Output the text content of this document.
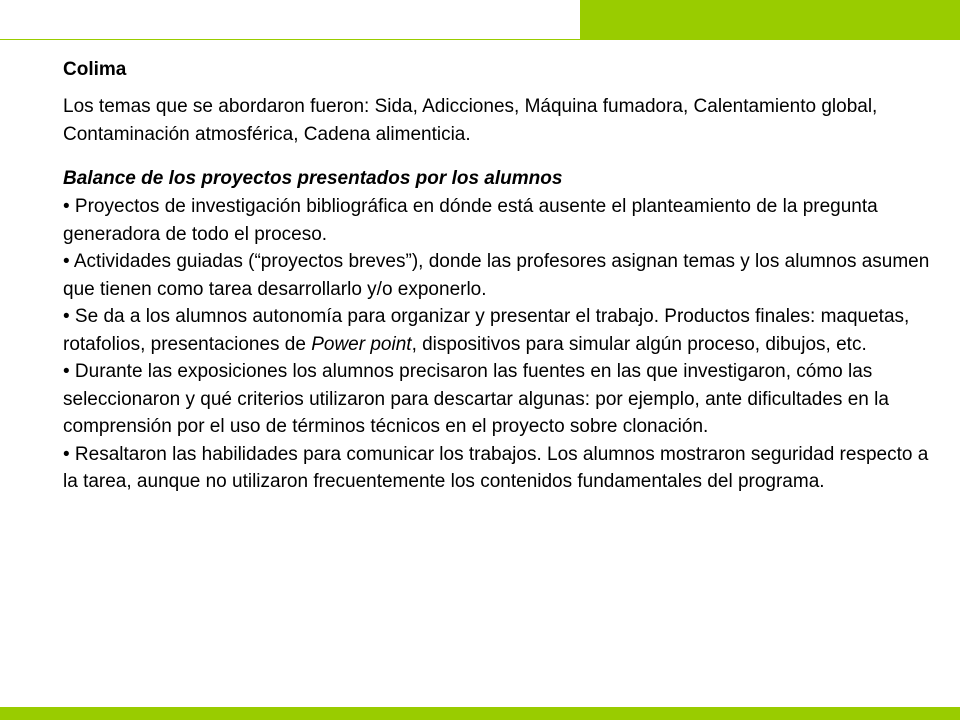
Colima

Los temas que se abordaron fueron: Sida, Adicciones, Máquina fumadora, Calentamiento global, Contaminación atmosférica, Cadena alimenticia.

Balance de los proyectos presentados por los alumnos

• Proyectos de investigación bibliográfica en dónde está ausente el planteamiento de la pregunta generadora de todo el proceso.

• Actividades guiadas (“proyectos breves”), donde las profesores asignan temas y los alumnos asumen que tienen como tarea desarrollarlo y/o exponerlo.

• Se da a los alumnos autonomía para organizar y presentar el trabajo. Productos finales: maquetas, rotafolios, presentaciones de Power point, dispositivos para simular algún proceso, dibujos, etc.

• Durante las exposiciones los alumnos precisaron las fuentes en las que investigaron, cómo las seleccionaron y qué criterios utilizaron para descartar algunas: por ejemplo, ante dificultades en la comprensión por el uso de términos técnicos en el proyecto sobre clonación.

• Resaltaron las habilidades para comunicar los trabajos. Los alumnos mostraron seguridad respecto a la tarea, aunque no utilizaron frecuentemente los contenidos fundamentales del programa.
